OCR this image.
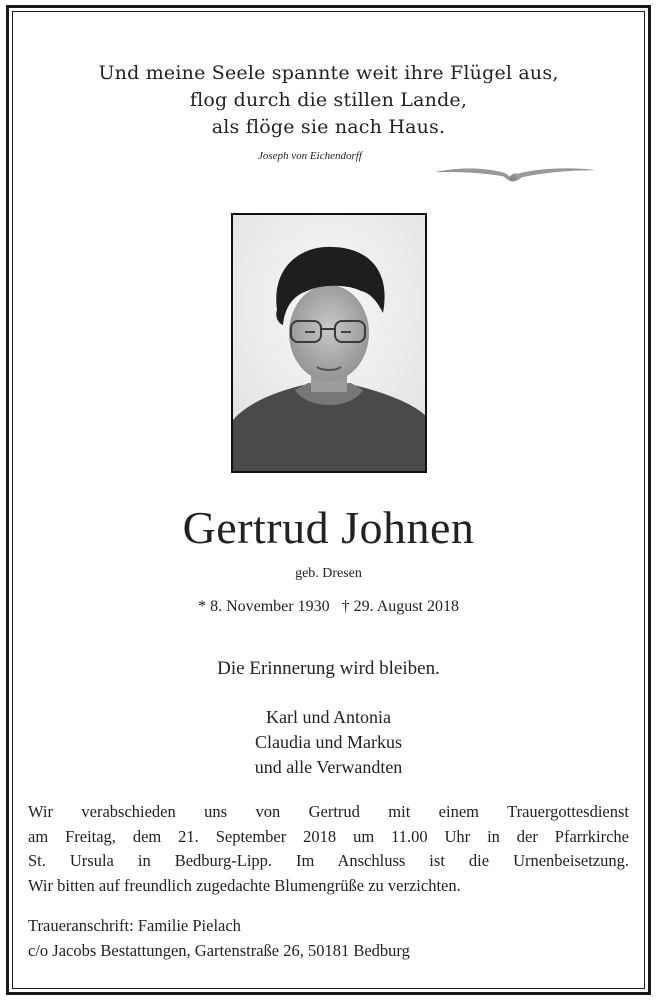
Und meine Seele spannte weit ihre Flügel aus,
flog durch die stillen Lande,
als flöge sie nach Haus.
Joseph von Eichendorff
Gertrud Johnen
geb. Dresen
* 8. November 1930   † 29. August 2018
Die Erinnerung wird bleiben.
Karl und Antonia
Claudia und Markus
und alle Verwandten
Wir verabschieden uns von Gertrud mit einem Trauergottesdienst
am Freitag, dem 21. September 2018 um 11.00 Uhr in der Pfarrkirche
St. Ursula in Bedburg-Lipp. Im Anschluss ist die Urnenbeisetzung.
Wir bitten auf freundlich zugedachte Blumengrüße zu verzichten.
Traueranschrift: Familie Pielach
c/o Jacobs Bestattungen, Gartenstraße 26, 50181 Bedburg
